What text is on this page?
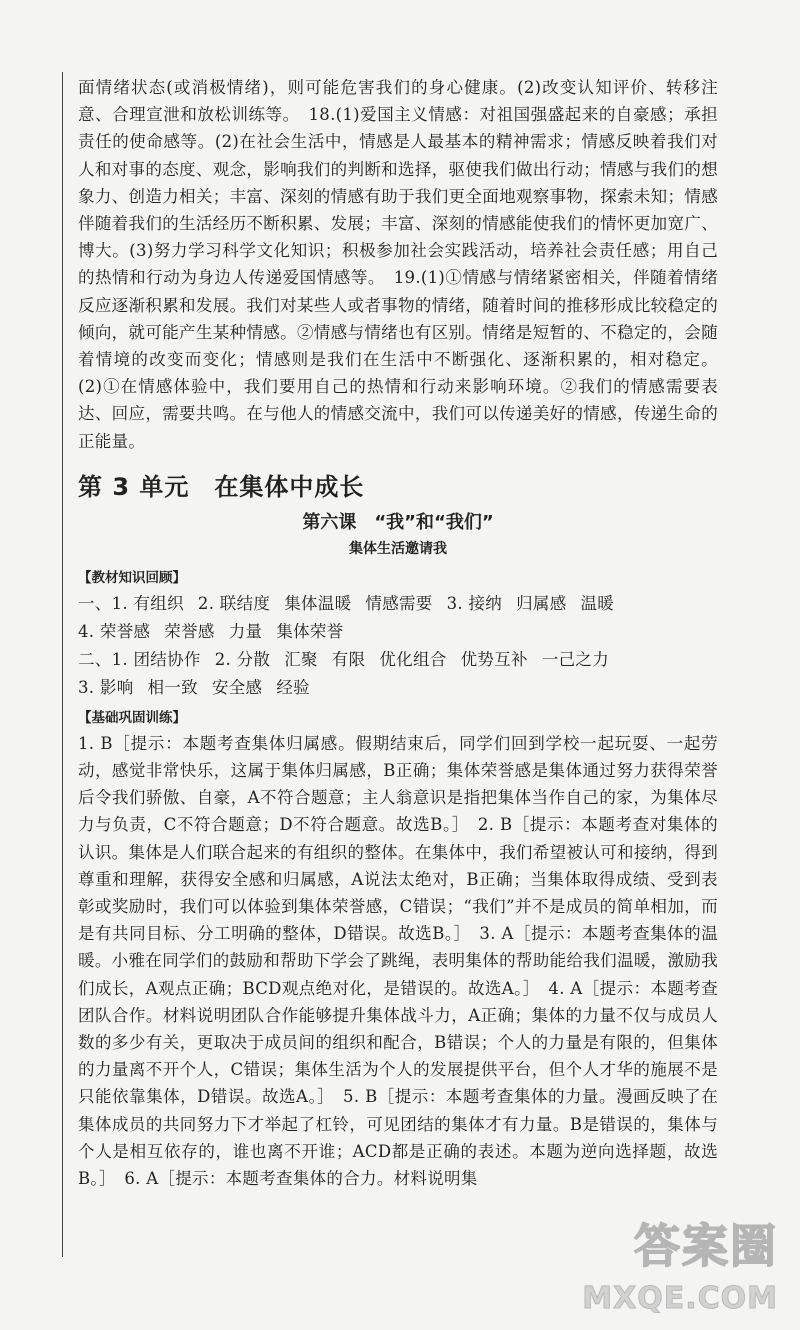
面情绪状态(或消极情绪)，则可能危害我们的身心健康。(2)改变认知评价、转移注意、合理宣泄和放松训练等。　18.(1)爱国主义情感：对祖国强盛起来的自豪感；承担责任的使命感等。(2)在社会生活中，情感是人最基本的精神需求；情感反映着我们对人和对事的态度、观念，影响我们的判断和选择，驱使我们做出行动；情感与我们的想象力、创造力相关；丰富、深刻的情感有助于我们更全面地观察事物，探索未知；情感伴随着我们的生活经历不断积累、发展；丰富、深刻的情感能使我们的情怀更加宽广、博大。(3)努力学习科学文化知识；积极参加社会实践活动，培养社会责任感；用自己的热情和行动为身边人传递爱国情感等。　19.(1)①情感与情绪紧密相关，伴随着情绪反应逐渐积累和发展。我们对某些人或者事物的情绪，随着时间的推移形成比较稳定的倾向，就可能产生某种情感。②情感与情绪也有区别。情绪是短暂的、不稳定的，会随着情境的改变而变化；情感则是我们在生活中不断强化、逐渐积累的，相对稳定。(2)①在情感体验中，我们要用自己的热情和行动来影响环境。②我们的情感需要表达、回应，需要共鸣。在与他人的情感交流中，我们可以传递美好的情感，传递生命的正能量。

第 3 单元　在集体中成长
第六课　“我”和“我们”
集体生活邀请我
【教材知识回顾】

一、1. 有组织 2. 联结度 集体温暖 情感需要 3. 接纳 归属感 温暖

4. 荣誉感 荣誉感 力量 集体荣誉

二、1. 团结协作 2. 分散 汇聚 有限 优化组合 优势互补 一己之力

3. 影响 相一致 安全感 经验

【基础巩固训练】

1. B［提示：本题考查集体归属感。假期结束后，同学们回到学校一起玩耍、一起劳动，感觉非常快乐，这属于集体归属感，B正确；集体荣誉感是集体通过努力获得荣誉后令我们骄傲、自豪，A不符合题意；主人翁意识是指把集体当作自己的家，为集体尽力与负责，C不符合题意；D不符合题意。故选B。］　2. B［提示：本题考查对集体的认识。集体是人们联合起来的有组织的整体。在集体中，我们希望被认可和接纳，得到尊重和理解，获得安全感和归属感，A说法太绝对，B正确；当集体取得成绩、受到表彰或奖励时，我们可以体验到集体荣誉感，C错误；“我们”并不是成员的简单相加，而是有共同目标、分工明确的整体，D错误。故选B。］　3. A［提示：本题考查集体的温暖。小雅在同学们的鼓励和帮助下学会了跳绳，表明集体的帮助能给我们温暖，激励我们成长，A观点正确；BCD观点绝对化，是错误的。故选A。］　4. A［提示：本题考查团队合作。材料说明团队合作能够提升集体战斗力，A正确；集体的力量不仅与成员人数的多少有关，更取决于成员间的组织和配合，B错误；个人的力量是有限的，但集体的力量离不开个人，C错误；集体生活为个人的发展提供平台，但个人才华的施展不是只能依靠集体，D错误。故选A。］　5. B［提示：本题考查集体的力量。漫画反映了在集体成员的共同努力下才举起了杠铃，可见团结的集体才有力量。B是错误的，集体与个人是相互依存的，谁也离不开谁；ACD都是正确的表述。本题为逆向选择题，故选B。］　6. A［提示：本题考查集体的合力。材料说明集

答案圈
MXQE.COM
